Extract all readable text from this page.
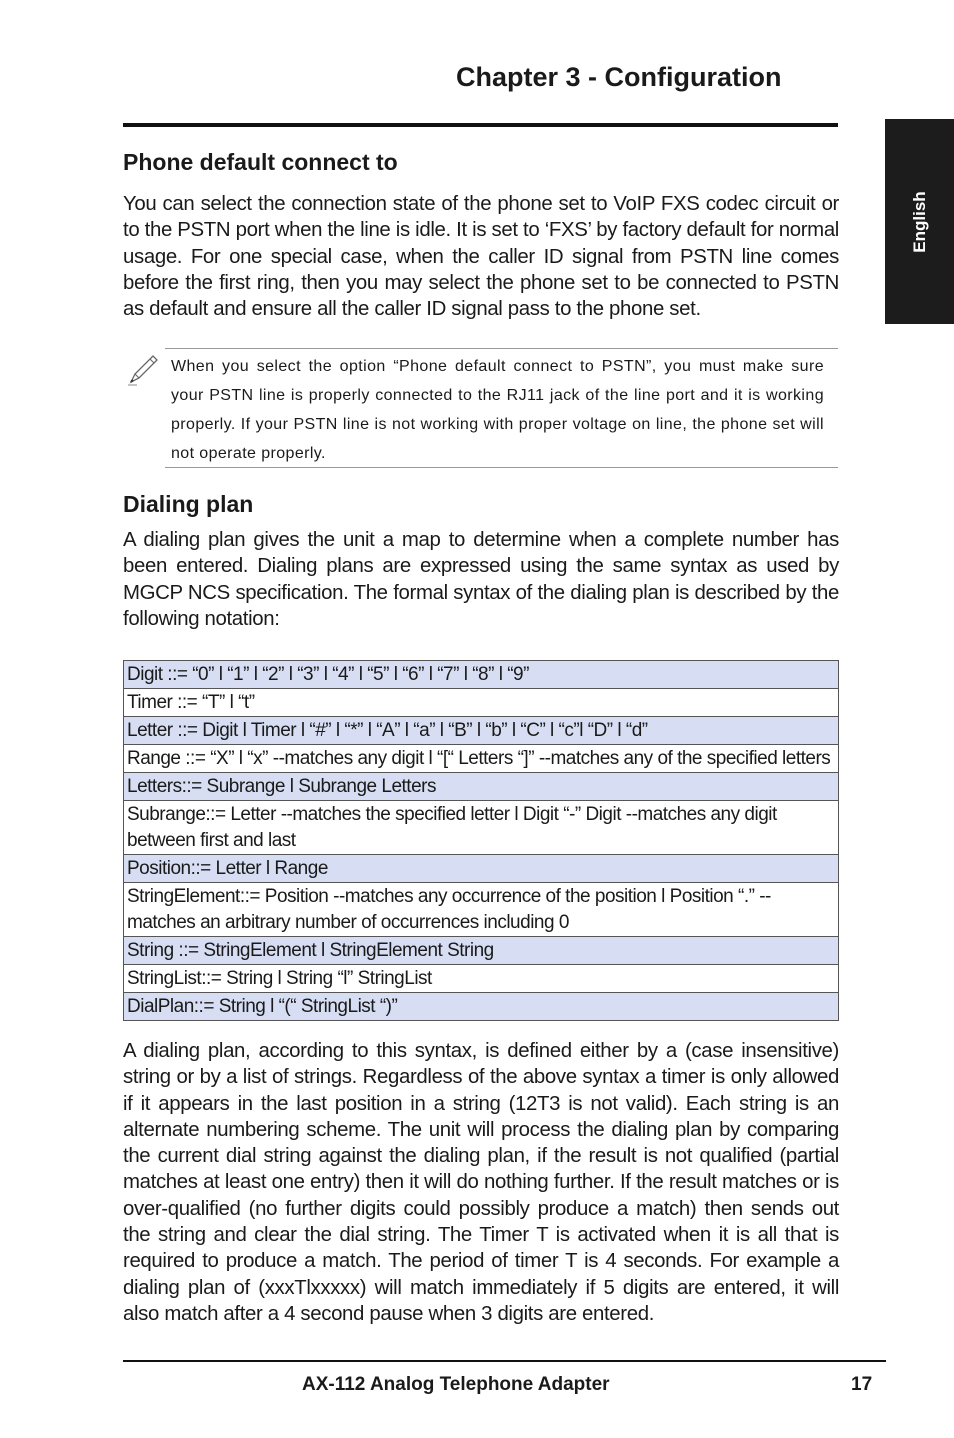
Chapter 3 - Configuration
English
Phone default connect to

You can select the connection state of the phone set to VoIP FXS codec circuit or to the PSTN port when the line is idle. It is set to ‘FXS’ by factory default for normal usage. For one special case, when the caller ID signal from PSTN line comes before the first ring, then you may select the phone set to be connected to PSTN as default and ensure all the caller ID signal pass to the phone set.

When you select the option “Phone default connect to PSTN”, you must make sure your PSTN line is properly connected to the RJ11 jack of the line port and it is working properly. If your PSTN line is not working with proper voltage on line, the phone set will not operate properly.

Dialing plan

A dialing plan gives the unit a map to determine when a complete number has been entered. Dialing plans are expressed using the same syntax as used by MGCP NCS specification. The formal syntax of the dialing plan is described by the following notation:

Digit ::= “0” l “1” l “2” l “3” l “4” l “5” l “6” l “7” l “8” l “9”
Timer ::= “T” l “t”
Letter ::= Digit l Timer l “#” l “*” l “A” l “a” l “B” l “b” l “C” l “c”l “D” l “d”
Range ::= “X” l “x” --matches any digit l “[“ Letters “]” --matches any of the specified letters
Letters::= Subrange l Subrange Letters
Subrange::= Letter --matches the specified letter l Digit “-” Digit --matches any digit between first and last
Position::= Letter l Range
StringElement::= Position --matches any occurrence of the position l Position “.” --matches an arbitrary number of occurrences including 0
String ::= StringElement l StringElement String
StringList::= String l String “l” StringList
DialPlan::= String l “(“ StringList “)”

A dialing plan, according to this syntax, is defined either by a (case insensitive) string or by a list of strings. Regardless of the above syntax a timer is only allowed if it appears in the last position in a string (12T3 is not valid). Each string is an alternate numbering scheme. The unit will process the dialing plan by comparing the current dial string against the dialing plan, if the result is not qualified (partial matches at least one entry) then it will do nothing further. If the result matches or is over-qualified (no further digits could possibly produce a match) then sends out the string and clear the dial string. The Timer T is activated when it is all that is required to produce a match. The period of timer T is 4 seconds. For example a dialing plan of (xxxTlxxxxx) will match immediately if 5 digits are entered, it will also match after a 4 second pause when 3 digits are entered.

AX-112 Analog Telephone Adapter	17
